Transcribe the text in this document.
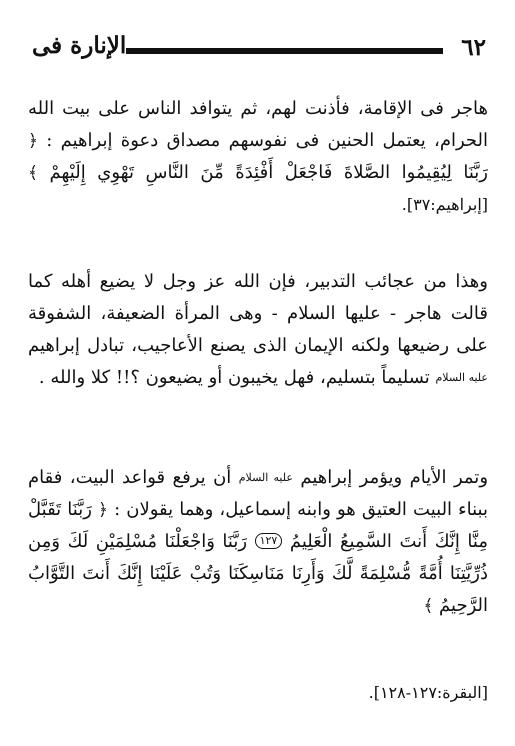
٦٢
الإنارة فى

هاجر فى الإقامة، فأذنت لهم، ثم يتوافد الناس على بيت الله الحرام، يعتمل الحنين فى نفوسهم مصداق دعوة إبراهيم : ﴿ رَبَّنَا لِيُقِيمُوا الصَّلاةَ فَاجْعَلْ أَفْئِدَةً مِّنَ النَّاسِ تَهْوِي إِلَيْهِمْ ﴾ [إبراهيم:٣٧].

وهذا من عجائب التدبير، فإن الله عز وجل لا يضيع أهله كما قالت هاجر - عليها السلام - وهى المرأة الضعيفة، الشفوقة على رضيعها ولكنه الإيمان الذى يصنع الأعاجيب، تبادل إبراهيم عليه السلام تسليماً بتسليم، فهل يخيبون أو يضيعون ؟!! كلا والله .

وتمر الأيام ويؤمر إبراهيم عليه السلام أن يرفع قواعد البيت، فقام ببناء البيت العتيق هو وابنه إسماعيل، وهما يقولان : ﴿ رَبَّنَا تَقَبَّلْ مِنَّا إِنَّكَ أَنتَ السَّمِيعُ الْعَلِيمُ ١٢٧ رَبَّنَا وَاجْعَلْنَا مُسْلِمَيْنِ لَكَ وَمِن ذُرِّيَّتِنَا أُمَّةً مُّسْلِمَةً لَّكَ وَأَرِنَا مَنَاسِكَنَا وَتُبْ عَلَيْنَا إِنَّكَ أَنتَ التَّوَّابُ الرَّحِيمُ ﴾

[البقرة:١٢٧-١٢٨].
